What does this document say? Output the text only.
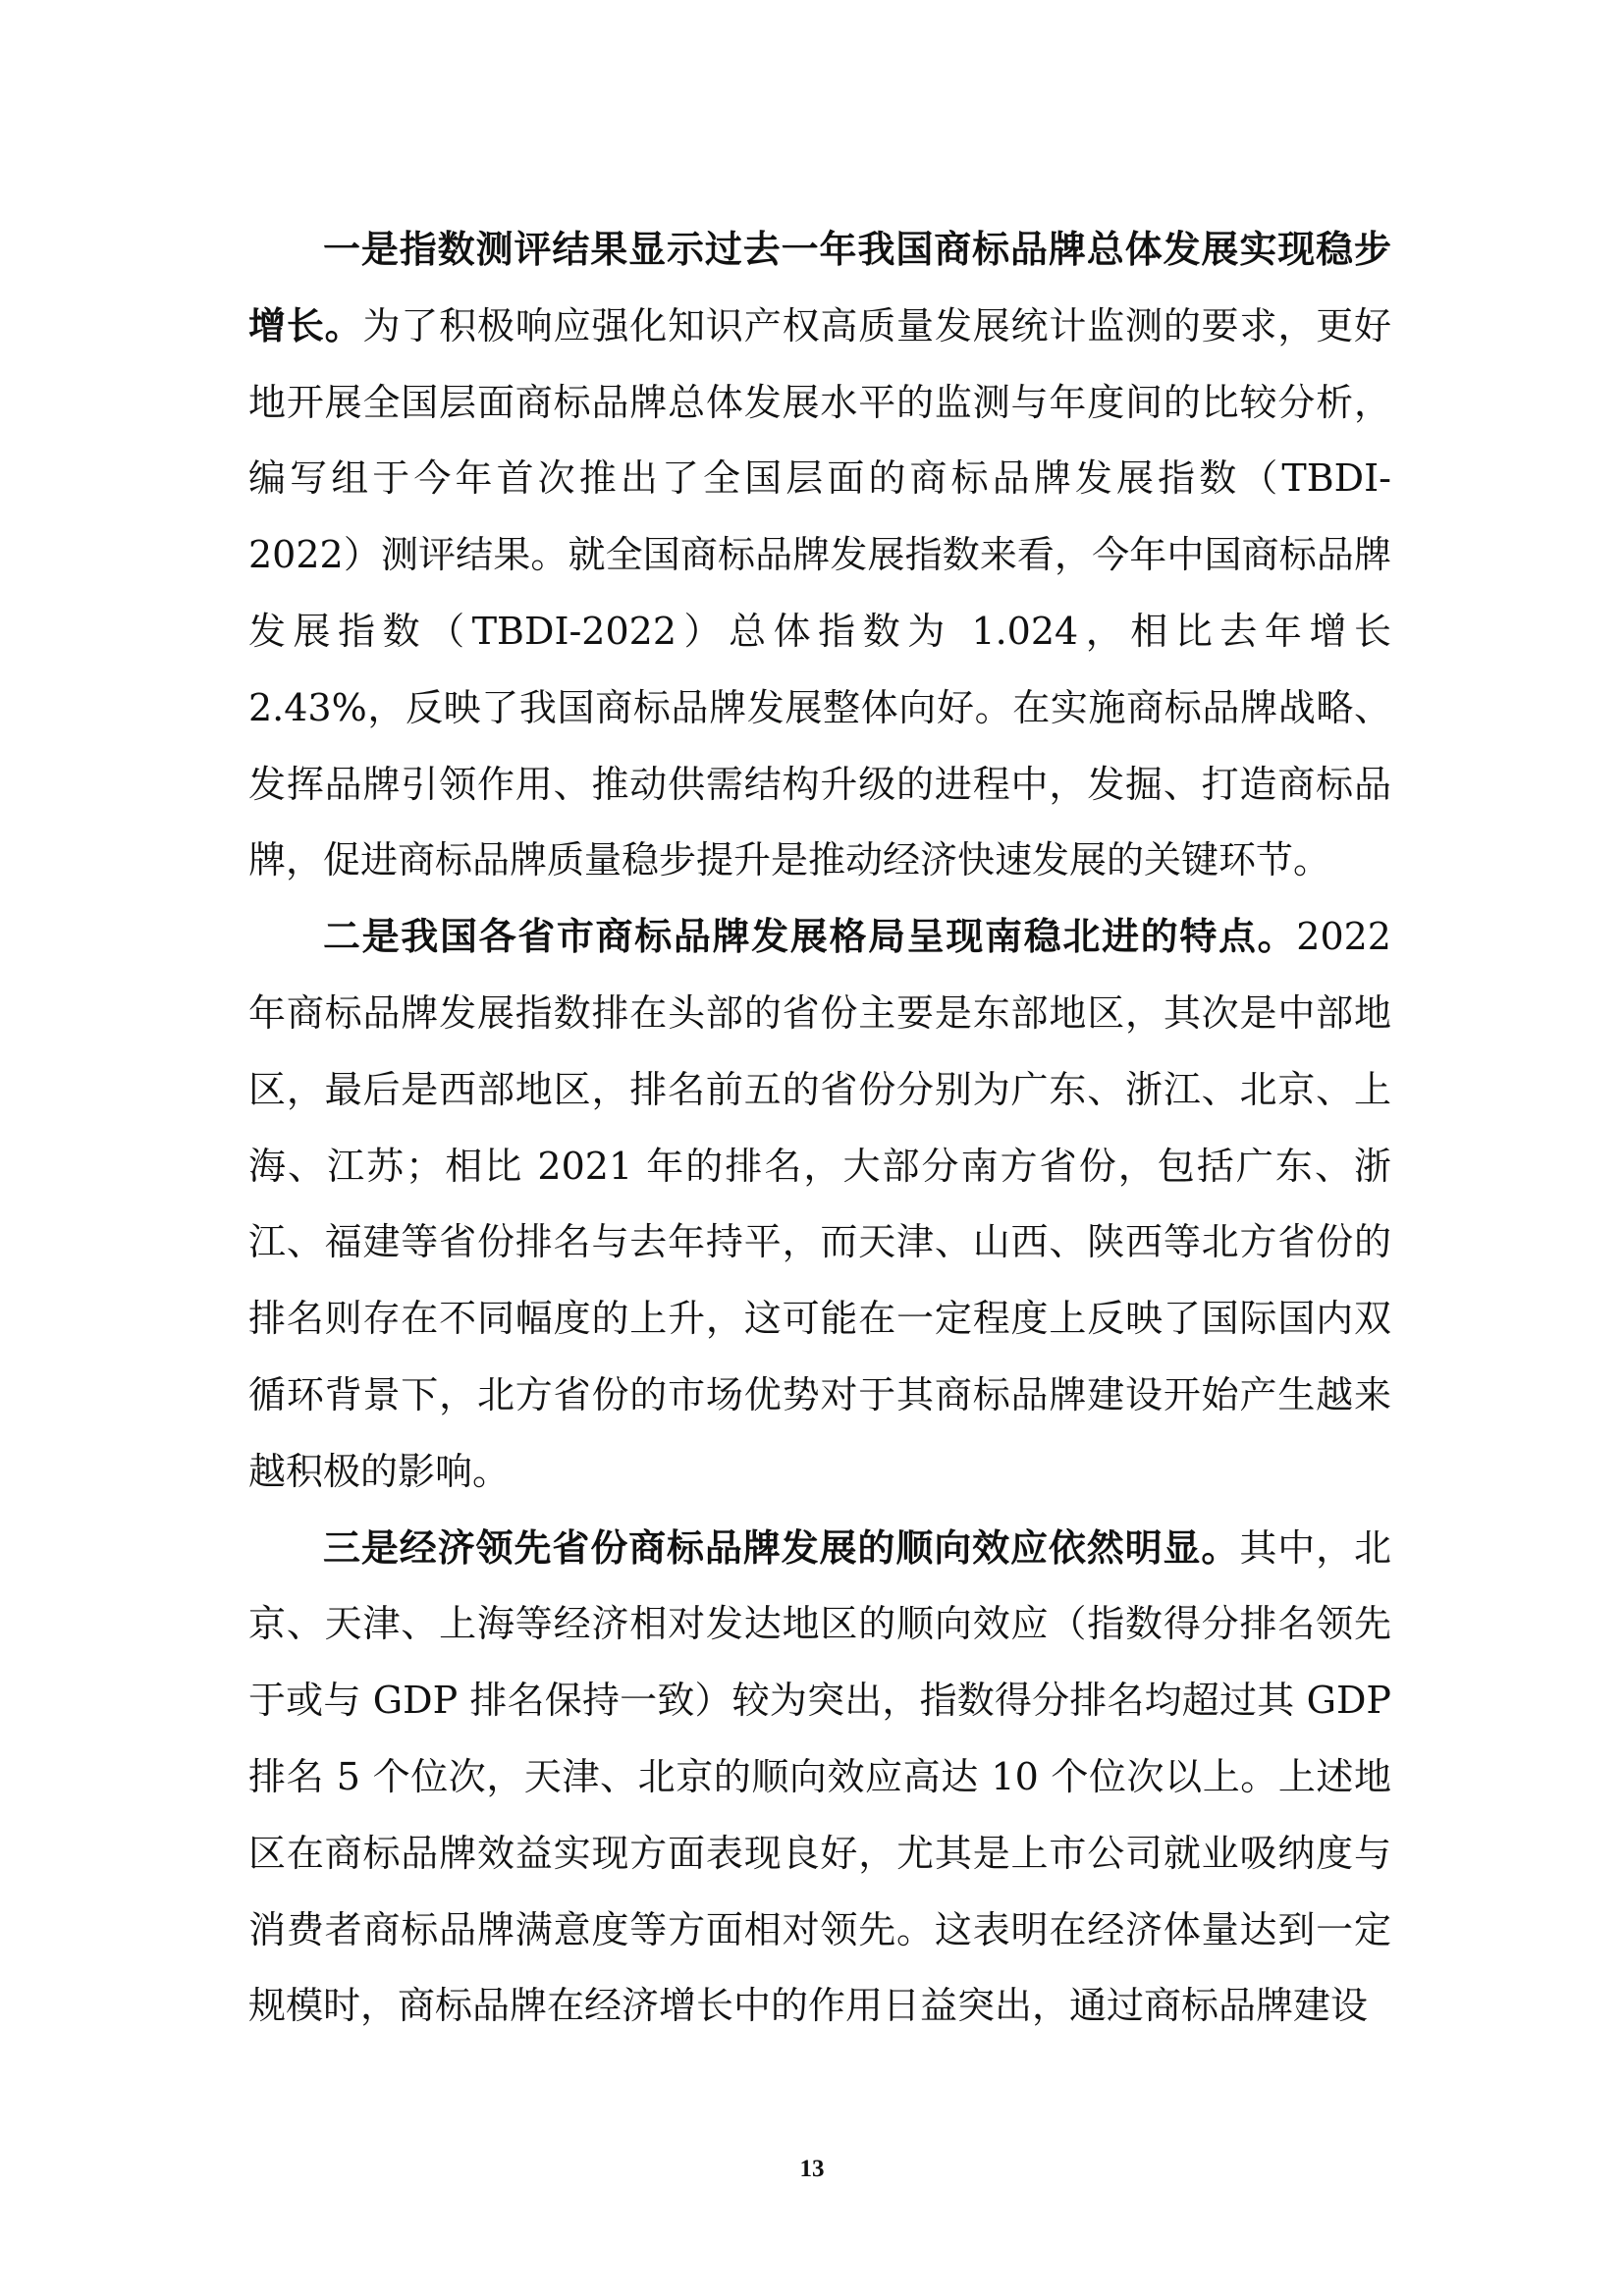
一是指数测评结果显示过去一年我国商标品牌总体发展实现稳步增长。为了积极响应强化知识产权高质量发展统计监测的要求，更好地开展全国层面商标品牌总体发展水平的监测与年度间的比较分析，编写组于今年首次推出了全国层面的商标品牌发展指数（TBDI-2022）测评结果。就全国商标品牌发展指数来看，今年中国商标品牌发展指数（TBDI-2022）总体指数为 1.024，相比去年增长 2.43%，反映了我国商标品牌发展整体向好。在实施商标品牌战略、发挥品牌引领作用、推动供需结构升级的进程中，发掘、打造商标品牌，促进商标品牌质量稳步提升是推动经济快速发展的关键环节。

二是我国各省市商标品牌发展格局呈现南稳北进的特点。2022 年商标品牌发展指数排在头部的省份主要是东部地区，其次是中部地区，最后是西部地区，排名前五的省份分别为广东、浙江、北京、上海、江苏；相比 2021 年的排名，大部分南方省份，包括广东、浙江、福建等省份排名与去年持平，而天津、山西、陕西等北方省份的排名则存在不同幅度的上升，这可能在一定程度上反映了国际国内双循环背景下，北方省份的市场优势对于其商标品牌建设开始产生越来越积极的影响。

三是经济领先省份商标品牌发展的顺向效应依然明显。其中，北京、天津、上海等经济相对发达地区的顺向效应（指数得分排名领先于或与 GDP 排名保持一致）较为突出，指数得分排名均超过其 GDP 排名 5 个位次，天津、北京的顺向效应高达 10 个位次以上。上述地区在商标品牌效益实现方面表现良好，尤其是上市公司就业吸纳度与消费者商标品牌满意度等方面相对领先。这表明在经济体量达到一定规模时，商标品牌在经济增长中的作用日益突出，通过商标品牌建设

13
